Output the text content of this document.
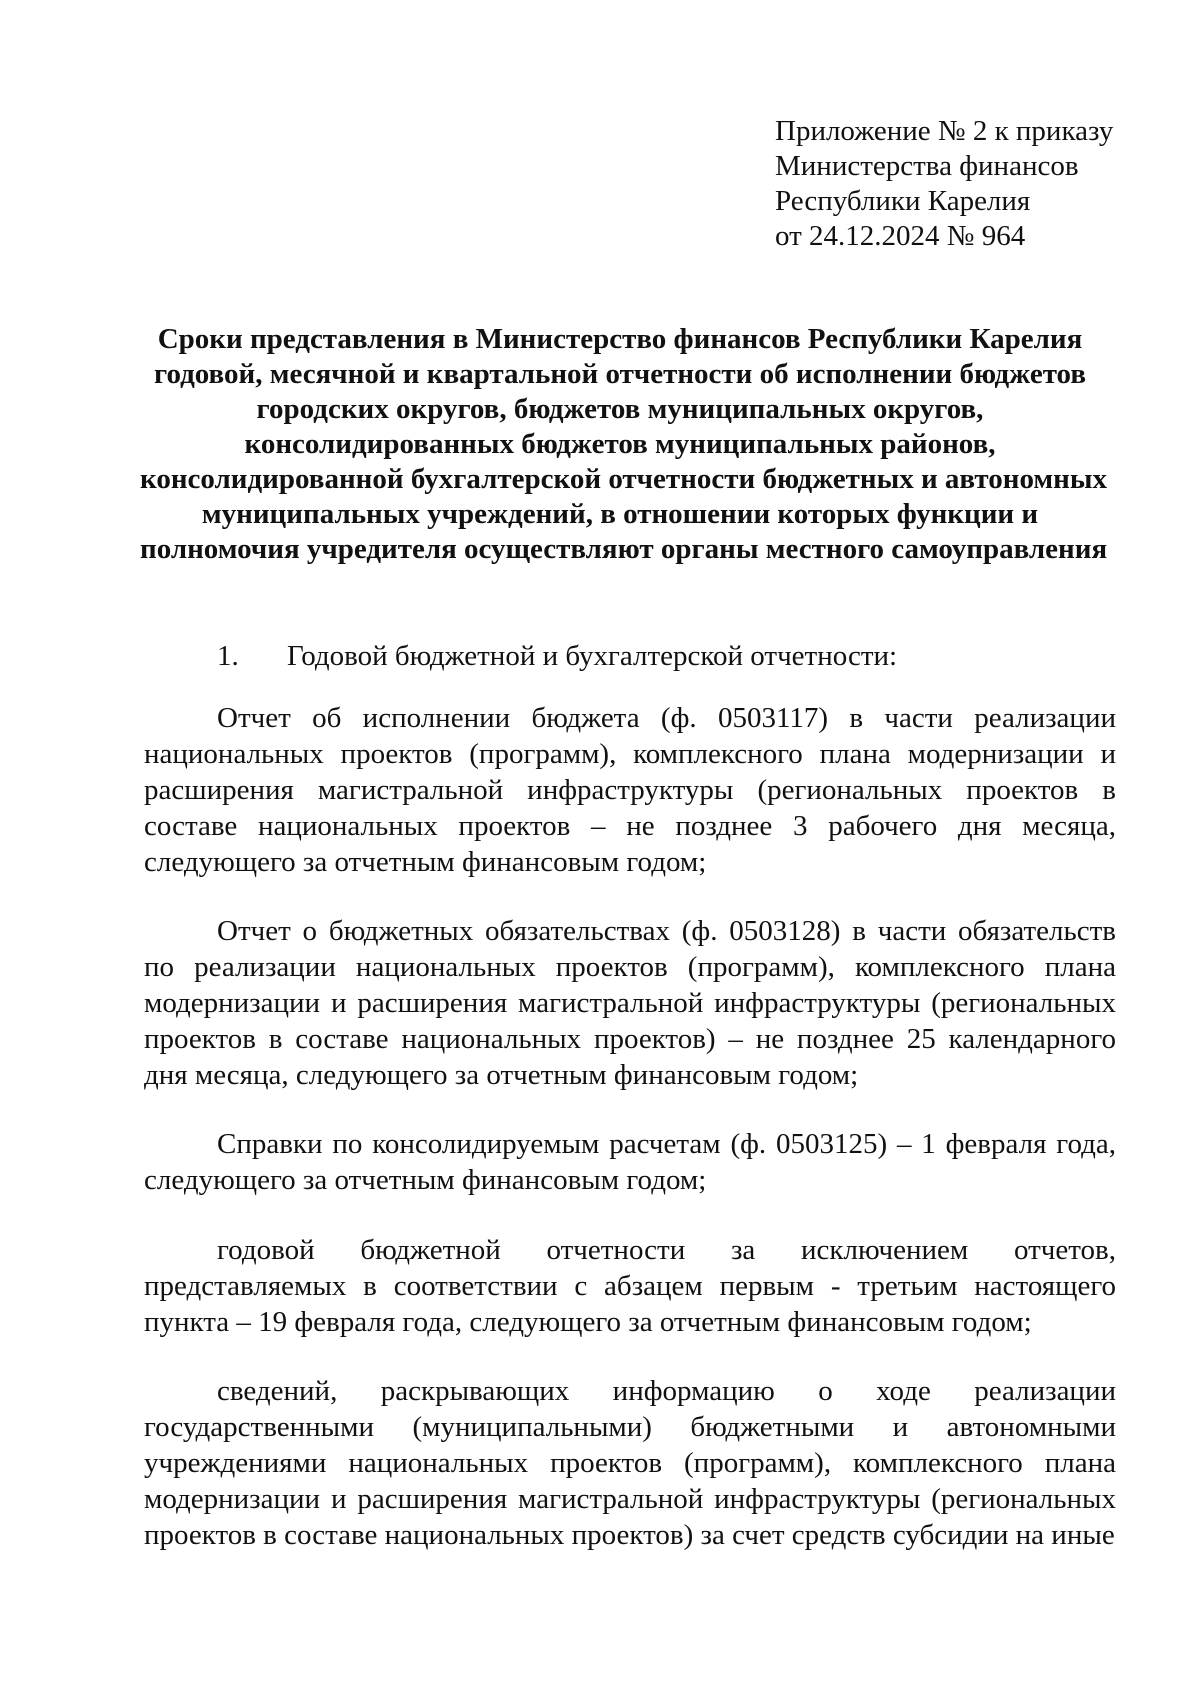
Приложение № 2 к приказу
Министерства финансов
Республики Карелия
от 24.12.2024 № 964
Сроки представления в Министерство финансов Республики Карелия
годовой, месячной и квартальной отчетности об исполнении бюджетов
городских округов, бюджетов муниципальных округов,
консолидированных бюджетов муниципальных районов,
консолидированной бухгалтерской отчетности бюджетных и автономных
муниципальных учреждений, в отношении которых функции и
полномочия учредителя осуществляют органы местного самоуправления
1. Годовой бюджетной и бухгалтерской отчетности:
Отчет об исполнении бюджета (ф. 0503117) в части реализации национальных проектов (программ), комплексного плана модернизации и расширения магистральной инфраструктуры (региональных проектов в составе национальных проектов – не позднее 3 рабочего дня месяца, следующего за отчетным финансовым годом;
Отчет о бюджетных обязательствах (ф. 0503128) в части обязательств по реализации национальных проектов (программ), комплексного плана модернизации и расширения магистральной инфраструктуры (региональных проектов в составе национальных проектов) – не позднее 25 календарного дня месяца, следующего за отчетным финансовым годом;
Справки по консолидируемым расчетам (ф. 0503125) – 1 февраля года, следующего за отчетным финансовым годом;
годовой бюджетной отчетности за исключением отчетов, представляемых в соответствии с абзацем первым - третьим настоящего пункта – 19 февраля года, следующего за отчетным финансовым годом;
сведений, раскрывающих информацию о ходе реализации государственными (муниципальными) бюджетными и автономными учреждениями национальных проектов (программ), комплексного плана модернизации и расширения магистральной инфраструктуры (региональных проектов в составе национальных проектов) за счет средств субсидии на иные
